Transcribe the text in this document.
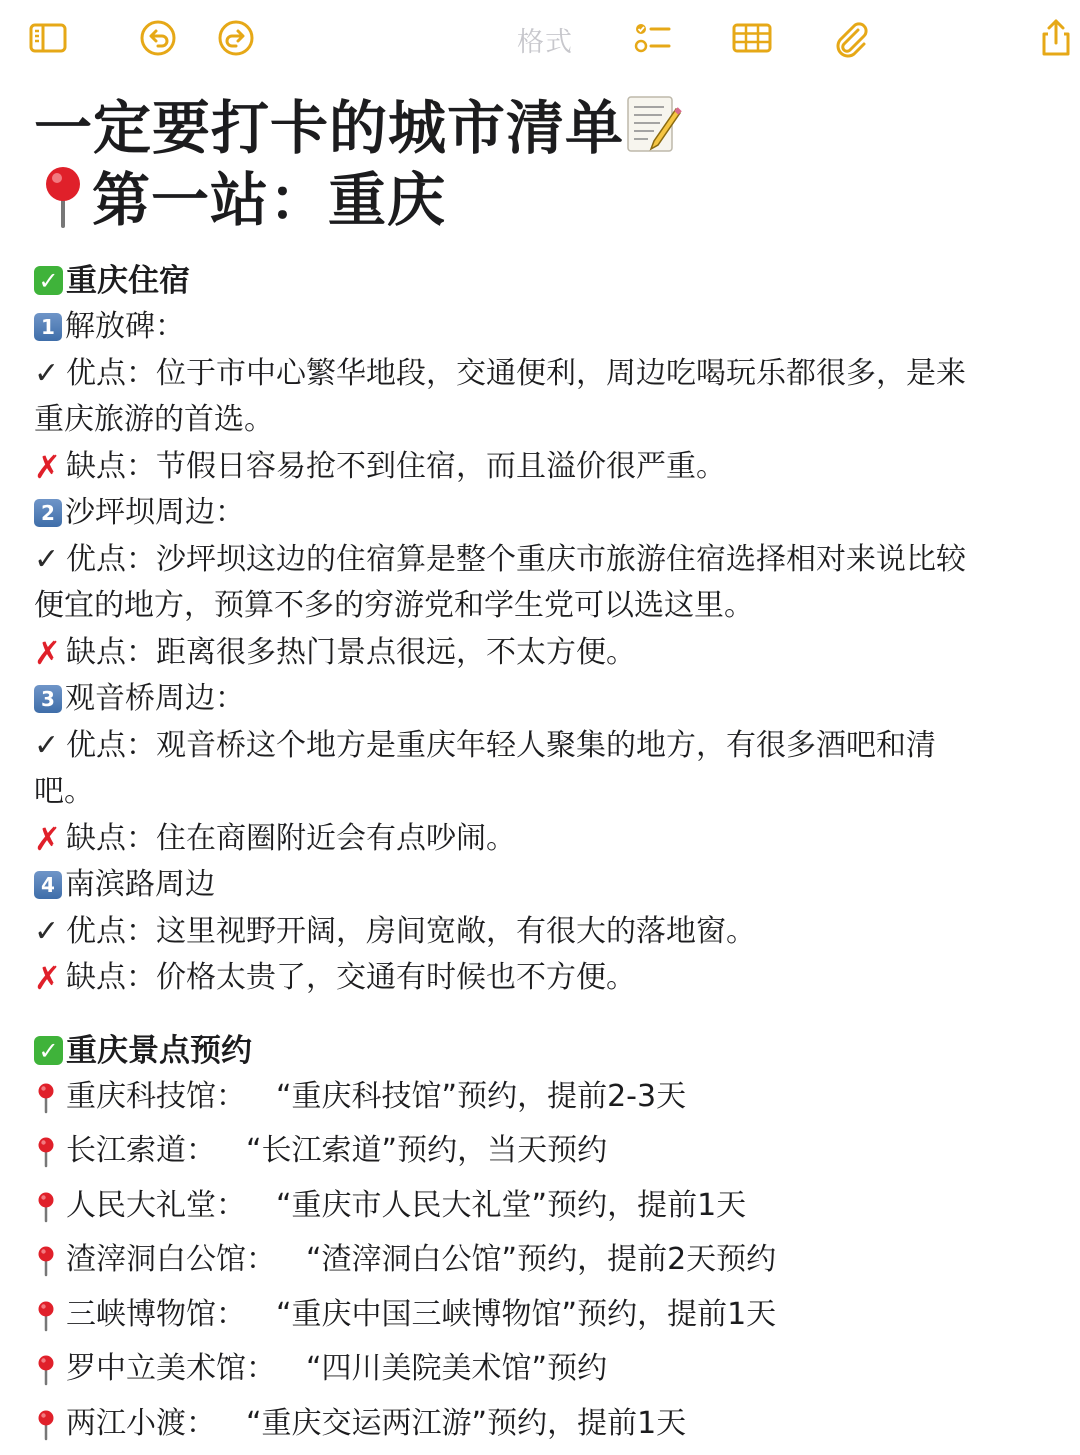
格式
一定要打卡的城市清单
第一站：重庆
✓ 重庆住宿
1 解放碑：
✓ 优点：位于市中心繁华地段，交通便利，周边吃喝玩乐都很多，是来
重庆旅游的首选。
✗ 缺点：节假日容易抢不到住宿，而且溢价很严重。
2 沙坪坝周边：
✓ 优点：沙坪坝这边的住宿算是整个重庆市旅游住宿选择相对来说比较
便宜的地方，预算不多的穷游党和学生党可以选这里。
✗ 缺点：距离很多热门景点很远，不太方便。
3 观音桥周边：
✓ 优点：观音桥这个地方是重庆年轻人聚集的地方，有很多酒吧和清
吧。
✗ 缺点：住在商圈附近会有点吵闹。
4 南滨路周边
✓ 优点：这里视野开阔，房间宽敞，有很大的落地窗。
✗ 缺点：价格太贵了，交通有时候也不方便。
✓ 重庆景点预约
重庆科技馆： “重庆科技馆”预约，提前2-3天
长江索道： “长江索道”预约，当天预约
人民大礼堂： “重庆市人民大礼堂”预约，提前1天
渣滓洞白公馆： “渣滓洞白公馆”预约，提前2天预约
三峡博物馆： “重庆中国三峡博物馆”预约，提前1天
罗中立美术馆： “四川美院美术馆”预约
两江小渡： “重庆交运两江游”预约，提前1天
